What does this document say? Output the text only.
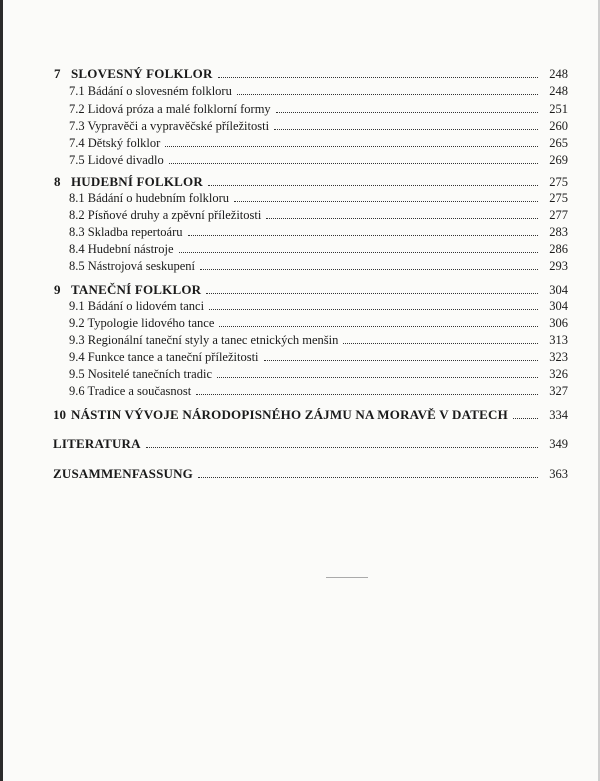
7 SLOVESNÝ FOLKLOR	248
7.1 Bádání o slovesném folkloru	248
7.2 Lidová próza a malé folklorní formy	251
7.3 Vypravěči a vypravěčské příležitosti	260
7.4 Dětský folklor	265
7.5 Lidové divadlo	269
8 HUDEBNÍ FOLKLOR	275
8.1 Bádání o hudebním folkloru	275
8.2 Písňové druhy a zpěvní příležitosti	277
8.3 Skladba repertoáru	283
8.4 Hudební nástroje	286
8.5 Nástrojová seskupení	293
9 TANEČNÍ FOLKLOR	304
9.1 Bádání o lidovém tanci	304
9.2 Typologie lidového tance	306
9.3 Regionální taneční styly a tanec etnických menšin	313
9.4 Funkce tance a taneční příležitosti	323
9.5 Nositelé tanečních tradic	326
9.6 Tradice a současnost	327
10 NÁSTIN VÝVOJE NÁRODOPISNÉHO ZÁJMU NA MORAVĚ V DATECH	334
LITERATURA	349
ZUSAMMENFASSUNG	363
